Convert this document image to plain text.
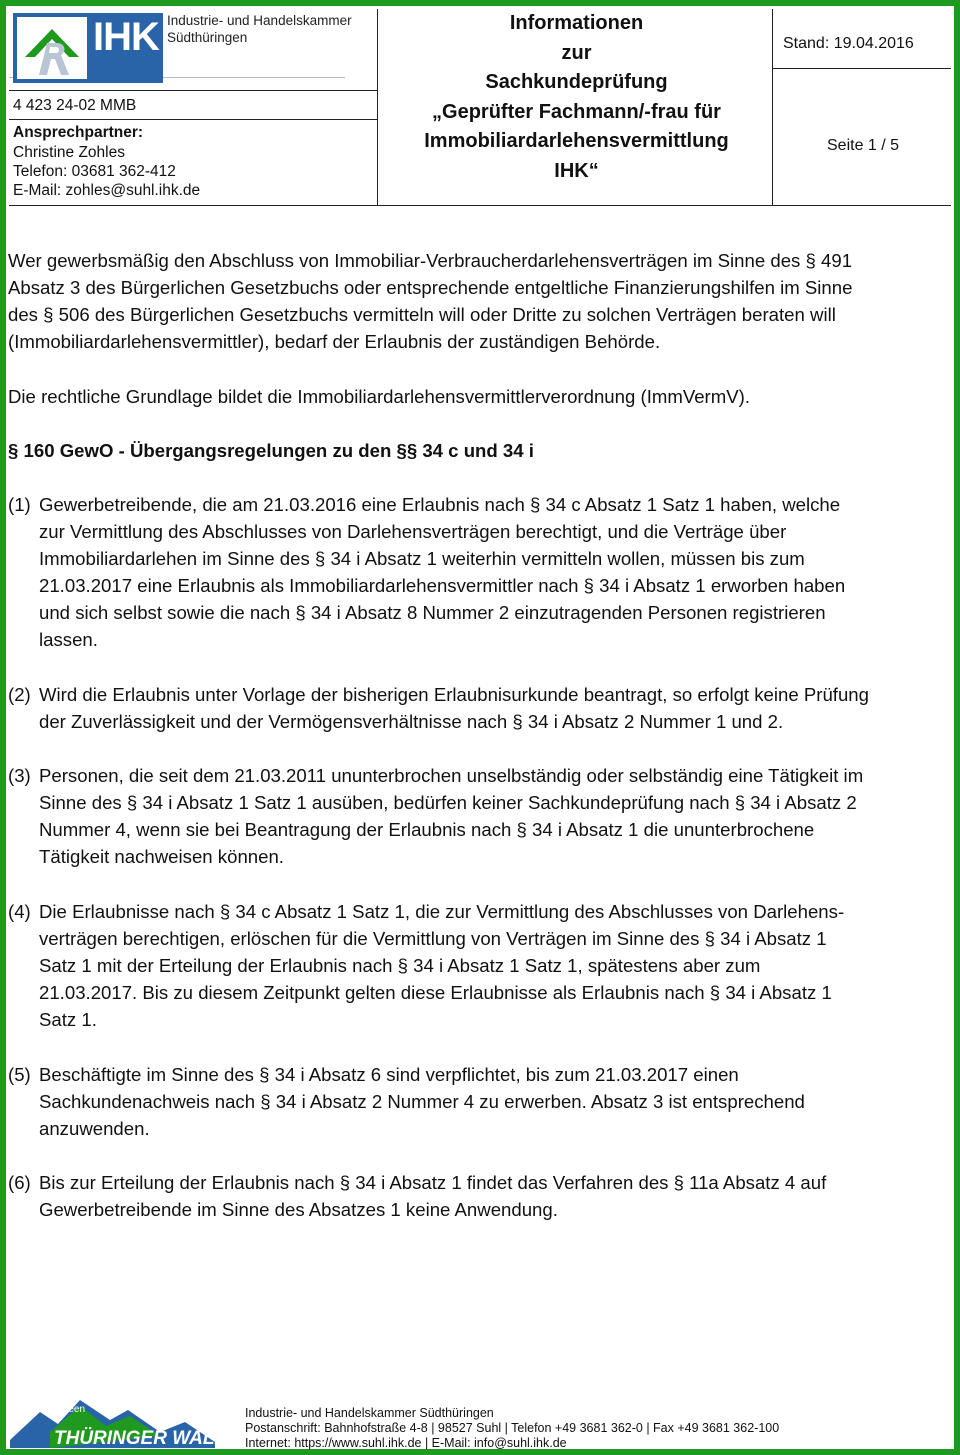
IHK Industrie- und Handelskammer
Südthüringen
4 423 24-02 MMB
Ansprechpartner:
Christine Zohles
Telefon: 03681 362-412
E-Mail: zohles@suhl.ihk.de
Informationen
zur
Sachkundeprüfung
„Geprüfter Fachmann/-frau für
Immobiliardarlehensvermittlung
IHK“
Stand: 19.04.2016
Seite 1 / 5
Wer gewerbsmäßig den Abschluss von Immobiliar-Verbraucherdarlehensverträgen im Sinne des § 491
Absatz 3 des Bürgerlichen Gesetzbuchs oder entsprechende entgeltliche Finanzierungshilfen im Sinne
des § 506 des Bürgerlichen Gesetzbuchs vermitteln will oder Dritte zu solchen Verträgen beraten will
(Immobiliardarlehensvermittler), bedarf der Erlaubnis der zuständigen Behörde.
Die rechtliche Grundlage bildet die Immobiliardarlehensvermittlerverordnung (ImmVermV).
§ 160 GewO - Übergangsregelungen zu den §§ 34 c und 34 i
(1) Gewerbetreibende, die am 21.03.2016 eine Erlaubnis nach § 34 c Absatz 1 Satz 1 haben, welche
zur Vermittlung des Abschlusses von Darlehensverträgen berechtigt, und die Verträge über
Immobiliardarlehen im Sinne des § 34 i Absatz 1 weiterhin vermitteln wollen, müssen bis zum
21.03.2017 eine Erlaubnis als Immobiliardarlehensvermittler nach § 34 i Absatz 1 erworben haben
und sich selbst sowie die nach § 34 i Absatz 8 Nummer 2 einzutragenden Personen registrieren
lassen.
(2) Wird die Erlaubnis unter Vorlage der bisherigen Erlaubnisurkunde beantragt, so erfolgt keine Prüfung
der Zuverlässigkeit und der Vermögensverhältnisse nach § 34 i Absatz 2 Nummer 1 und 2.
(3) Personen, die seit dem 21.03.2011 ununterbrochen unselbständig oder selbständig eine Tätigkeit im
Sinne des § 34 i Absatz 1 Satz 1 ausüben, bedürfen keiner Sachkundeprüfung nach § 34 i Absatz 2
Nummer 4, wenn sie bei Beantragung der Erlaubnis nach § 34 i Absatz 1 die ununterbrochene
Tätigkeit nachweisen können.
(4) Die Erlaubnisse nach § 34 c Absatz 1 Satz 1, die zur Vermittlung des Abschlusses von Darlehens-
verträgen berechtigen, erlöschen für die Vermittlung von Verträgen im Sinne des § 34 i Absatz 1
Satz 1 mit der Erteilung der Erlaubnis nach § 34 i Absatz 1 Satz 1, spätestens aber zum
21.03.2017. Bis zu diesem Zeitpunkt gelten diese Erlaubnisse als Erlaubnis nach § 34 i Absatz 1
Satz 1.
(5) Beschäftigte im Sinne des § 34 i Absatz 6 sind verpflichtet, bis zum 21.03.2017 einen
Sachkundenachweis nach § 34 i Absatz 2 Nummer 4 zu erwerben. Absatz 3 ist entsprechend
anzuwenden.
(6) Bis zur Erteilung der Erlaubnis nach § 34 i Absatz 1 findet das Verfahren des § 11a Absatz 4 auf
Gewerbetreibende im Sinne des Absatzes 1 keine Anwendung.
Ideen
THÜRINGER WALD.
Industrie- und Handelskammer Südthüringen
Postanschrift: Bahnhofstraße 4-8 | 98527 Suhl | Telefon +49 3681 362-0 | Fax +49 3681 362-100
Internet: https://www.suhl.ihk.de | E-Mail: info@suhl.ihk.de
